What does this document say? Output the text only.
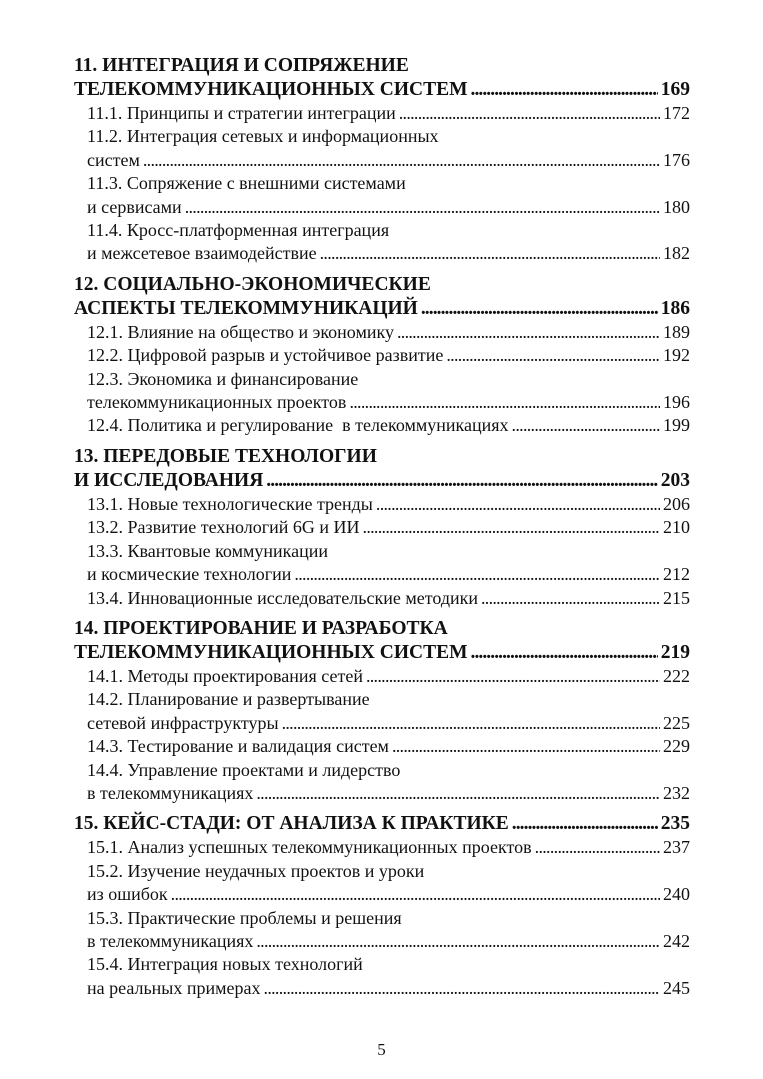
11. ИНТЕГРАЦИЯ И СОПРЯЖЕНИЕ
ТЕЛЕКОММУНИКАЦИОННЫХ СИСТЕМ . . .	169
11.1. Принципы и стратегии интеграции . . .	172
11.2. Интеграция сетевых и информационных
систем . . .	176
11.3. Сопряжение с внешними системами
и сервисами . . .	180
11.4. Кросс-платформенная интеграция
и межсетевое взаимодействие . . .	182
12. СОЦИАЛЬНО-ЭКОНОМИЧЕСКИЕ
АСПЕКТЫ ТЕЛЕКОММУНИКАЦИЙ . . .	186
12.1. Влияние на общество и экономику . . .	189
12.2. Цифровой разрыв и устойчивое развитие . . .	192
12.3. Экономика и финансирование
телекоммуникационных проектов . . .	196
12.4. Политика и регулирование  в телекоммуникациях . . .	199
13. ПЕРЕДОВЫЕ ТЕХНОЛОГИИ
И ИССЛЕДОВАНИЯ . . .	203
13.1. Новые технологические тренды . . .	206
13.2. Развитие технологий 6G и ИИ . . .	210
13.3. Квантовые коммуникации
и космические технологии . . .	212
13.4. Инновационные исследовательские методики . . .	215
14. ПРОЕКТИРОВАНИЕ И РАЗРАБОТКА
ТЕЛЕКОММУНИКАЦИОННЫХ СИСТЕМ . . .	219
14.1. Методы проектирования сетей . . .	222
14.2. Планирование и развертывание
сетевой инфраструктуры . . .	225
14.3. Тестирование и валидация систем . . .	229
14.4. Управление проектами и лидерство
в телекоммуникациях . . .	232
15. КЕЙС-СТАДИ: ОТ АНАЛИЗА К ПРАКТИКЕ . . .	235
15.1. Анализ успешных телекоммуникационных проектов . . .	237
15.2. Изучение неудачных проектов и уроки
из ошибок . . .	240
15.3. Практические проблемы и решения
в телекоммуникациях . . .	242
15.4. Интеграция новых технологий
на реальных примерах . . .	245
5
